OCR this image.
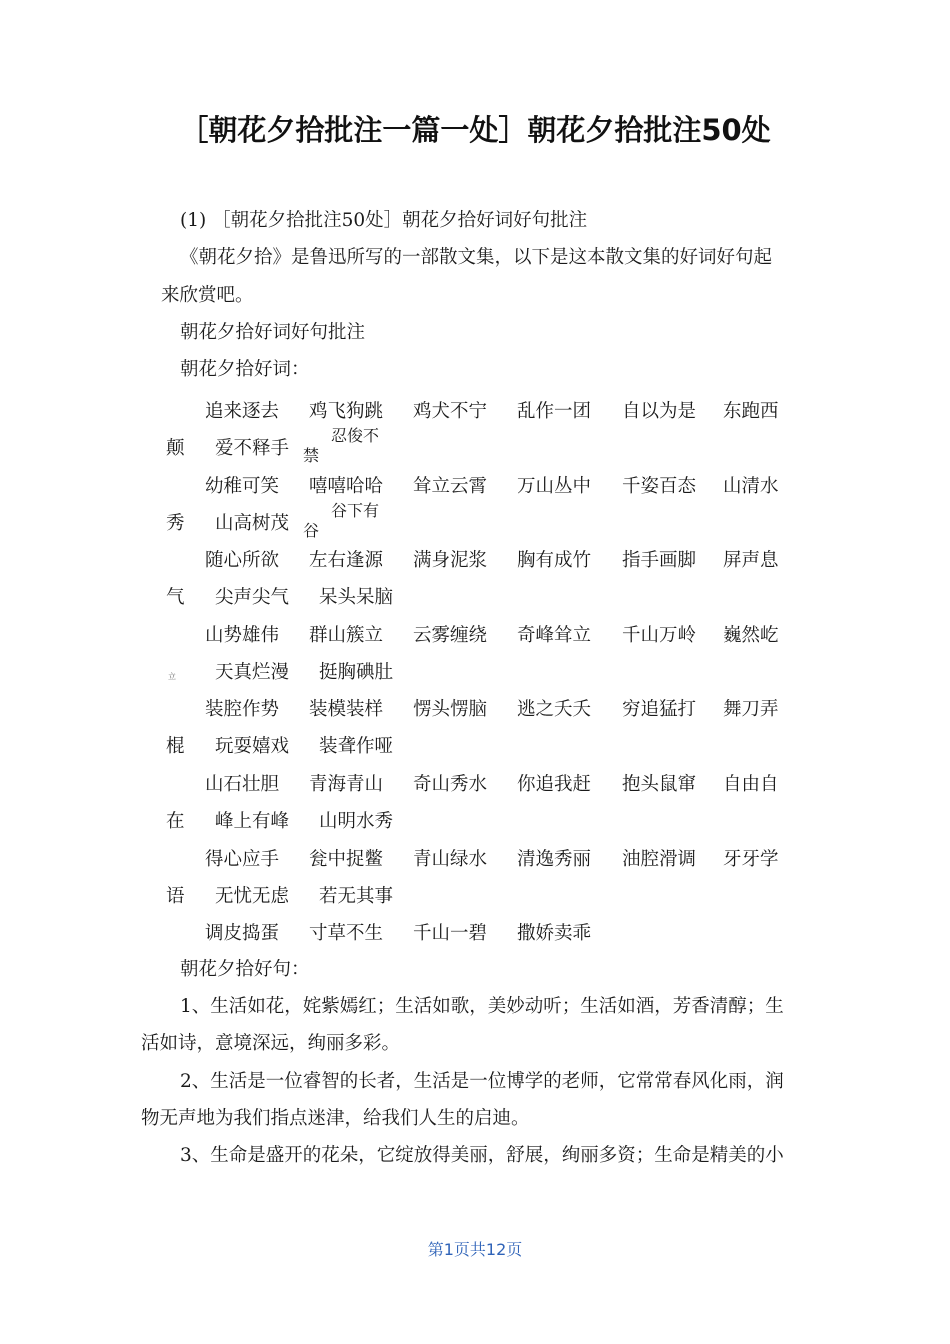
［朝花夕拾批注一篇一处］朝花夕拾批注50处
(1) ［朝花夕拾批注50处］朝花夕拾好词好句批注
《朝花夕拾》是鲁迅所写的一部散文集，以下是这本散文集的好词好句起
来欣赏吧。
朝花夕拾好词好句批注
朝花夕拾好词：
追来逐去 鸡飞狗跳 鸡犬不宁 乱作一团 自以为是 东跑西
颠 爱不释手
忍俊不
禁
幼稚可笑 嘻嘻哈哈 耸立云霄 万山丛中 千姿百态 山清水
秀 山高树茂
谷下有
谷
随心所欲 左右逢源 满身泥浆 胸有成竹 指手画脚 屏声息
气 尖声尖气 呆头呆脑
山势雄伟 群山簇立 云雾缠绕 奇峰耸立 千山万岭 巍然屹
立 天真烂漫 挺胸碘肚
装腔作势 装模装样 愣头愣脑 逃之夭夭 穷追猛打 舞刀弄
棍 玩耍嬉戏 装聋作哑
山石壮胆 青海青山 奇山秀水 你追我赶 抱头鼠窜 自由自
在 峰上有峰 山明水秀
得心应手 瓮中捉鳖 青山绿水 清逸秀丽 油腔滑调 牙牙学
语 无忧无虑 若无其事
调皮捣蛋 寸草不生 千山一碧 撒娇卖乖
朝花夕拾好句：
1、生活如花，姹紫嫣红；生活如歌，美妙动听；生活如酒，芳香清醇；生
活如诗，意境深远，绚丽多彩。
2、生活是一位睿智的长者，生活是一位博学的老师，它常常春风化雨，润
物无声地为我们指点迷津，给我们人生的启迪。
3、生命是盛开的花朵，它绽放得美丽，舒展，绚丽多资；生命是精美的小
第1页共12页
